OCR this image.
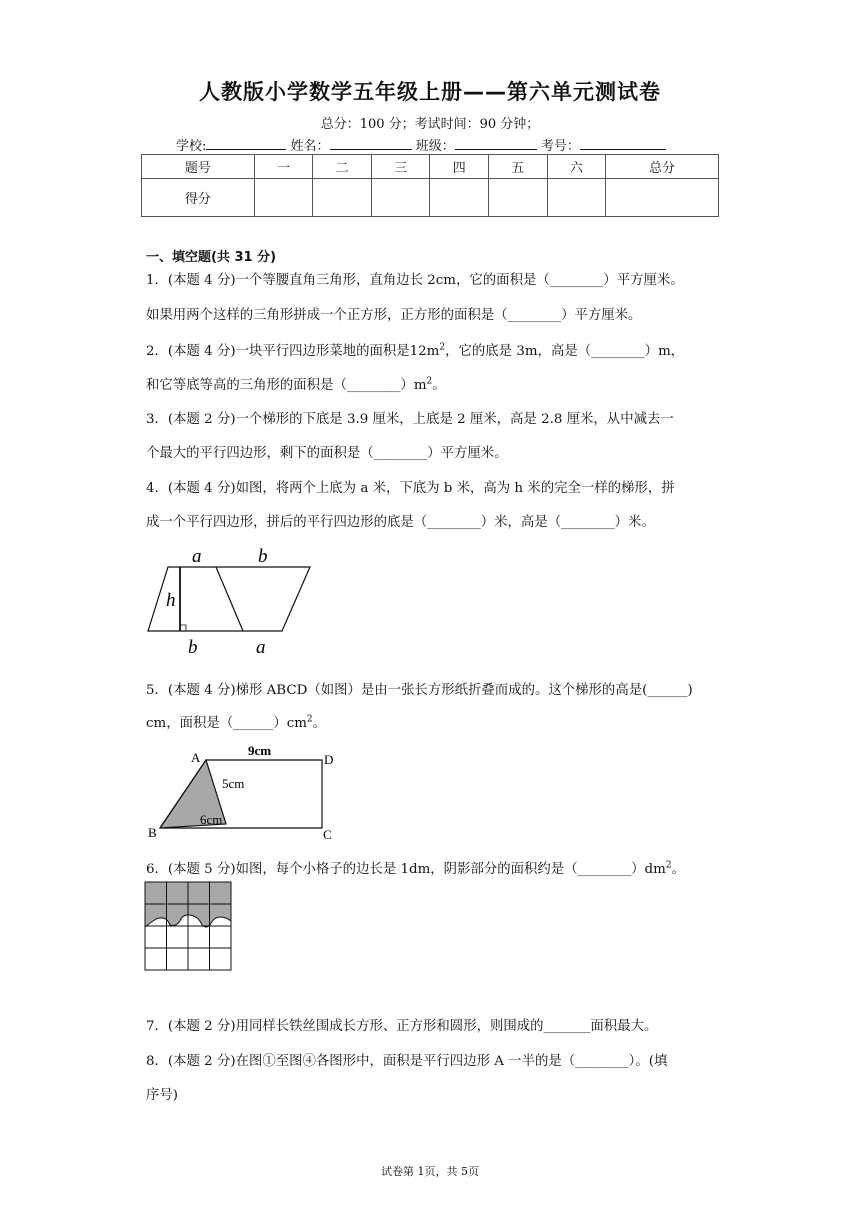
人教版小学数学五年级上册——第六单元测试卷
总分：100 分；考试时间：90 分钟；
学校:	姓名：	班级：	考号：
题号	一	二	三	四	五	六	总分
得分							
一、填空题(共 31 分)
1．(本题 4 分)一个等腰直角三角形，直角边长 2cm，它的面积是（________）平方厘米。
如果用两个这样的三角形拼成一个正方形，正方形的面积是（________）平方厘米。
2．(本题 4 分)一块平行四边形菜地的面积是$12m^2$，它的底是 3m，高是（________）m，
和它等底等高的三角形的面积是$(\_\_\_\_\_\_\_\_)m^2$。
3．(本题 2 分)一个梯形的下底是 3.9 厘米，上底是 2 厘米，高是 2.8 厘米，从中减去一
个最大的平行四边形，剩下的面积是（________）平方厘米。
4．(本题 4 分)如图，将两个上底为 a 米，下底为 b 米，高为 h 米的完全一样的梯形，拼
成一个平行四边形，拼后的平行四边形的底是（________）米，高是（________）米。
a	b
h
b	a
5．(本题 4 分)梯形 ABCD（如图）是由一张长方形纸折叠而成的。这个梯形的高是(______)
cm，面积是$(\_\_\_\_\_\_)cm^2$。
A	D
B	C
9cm
5cm
6cm
6．(本题 5 分)如图，每个小格子的边长是 1dm，阴影部分的面积约是$(\_\_\_\_\_\_\_\_)dm^2$。
7．(本题 2 分)用同样长铁丝围成长方形、正方形和圆形，则围成的_______面积最大。
8．(本题 2 分)在图①至图④各图形中，面积是平行四边形 A 一半的是（________）。(填
序号)
试卷第 1页，共 5页
